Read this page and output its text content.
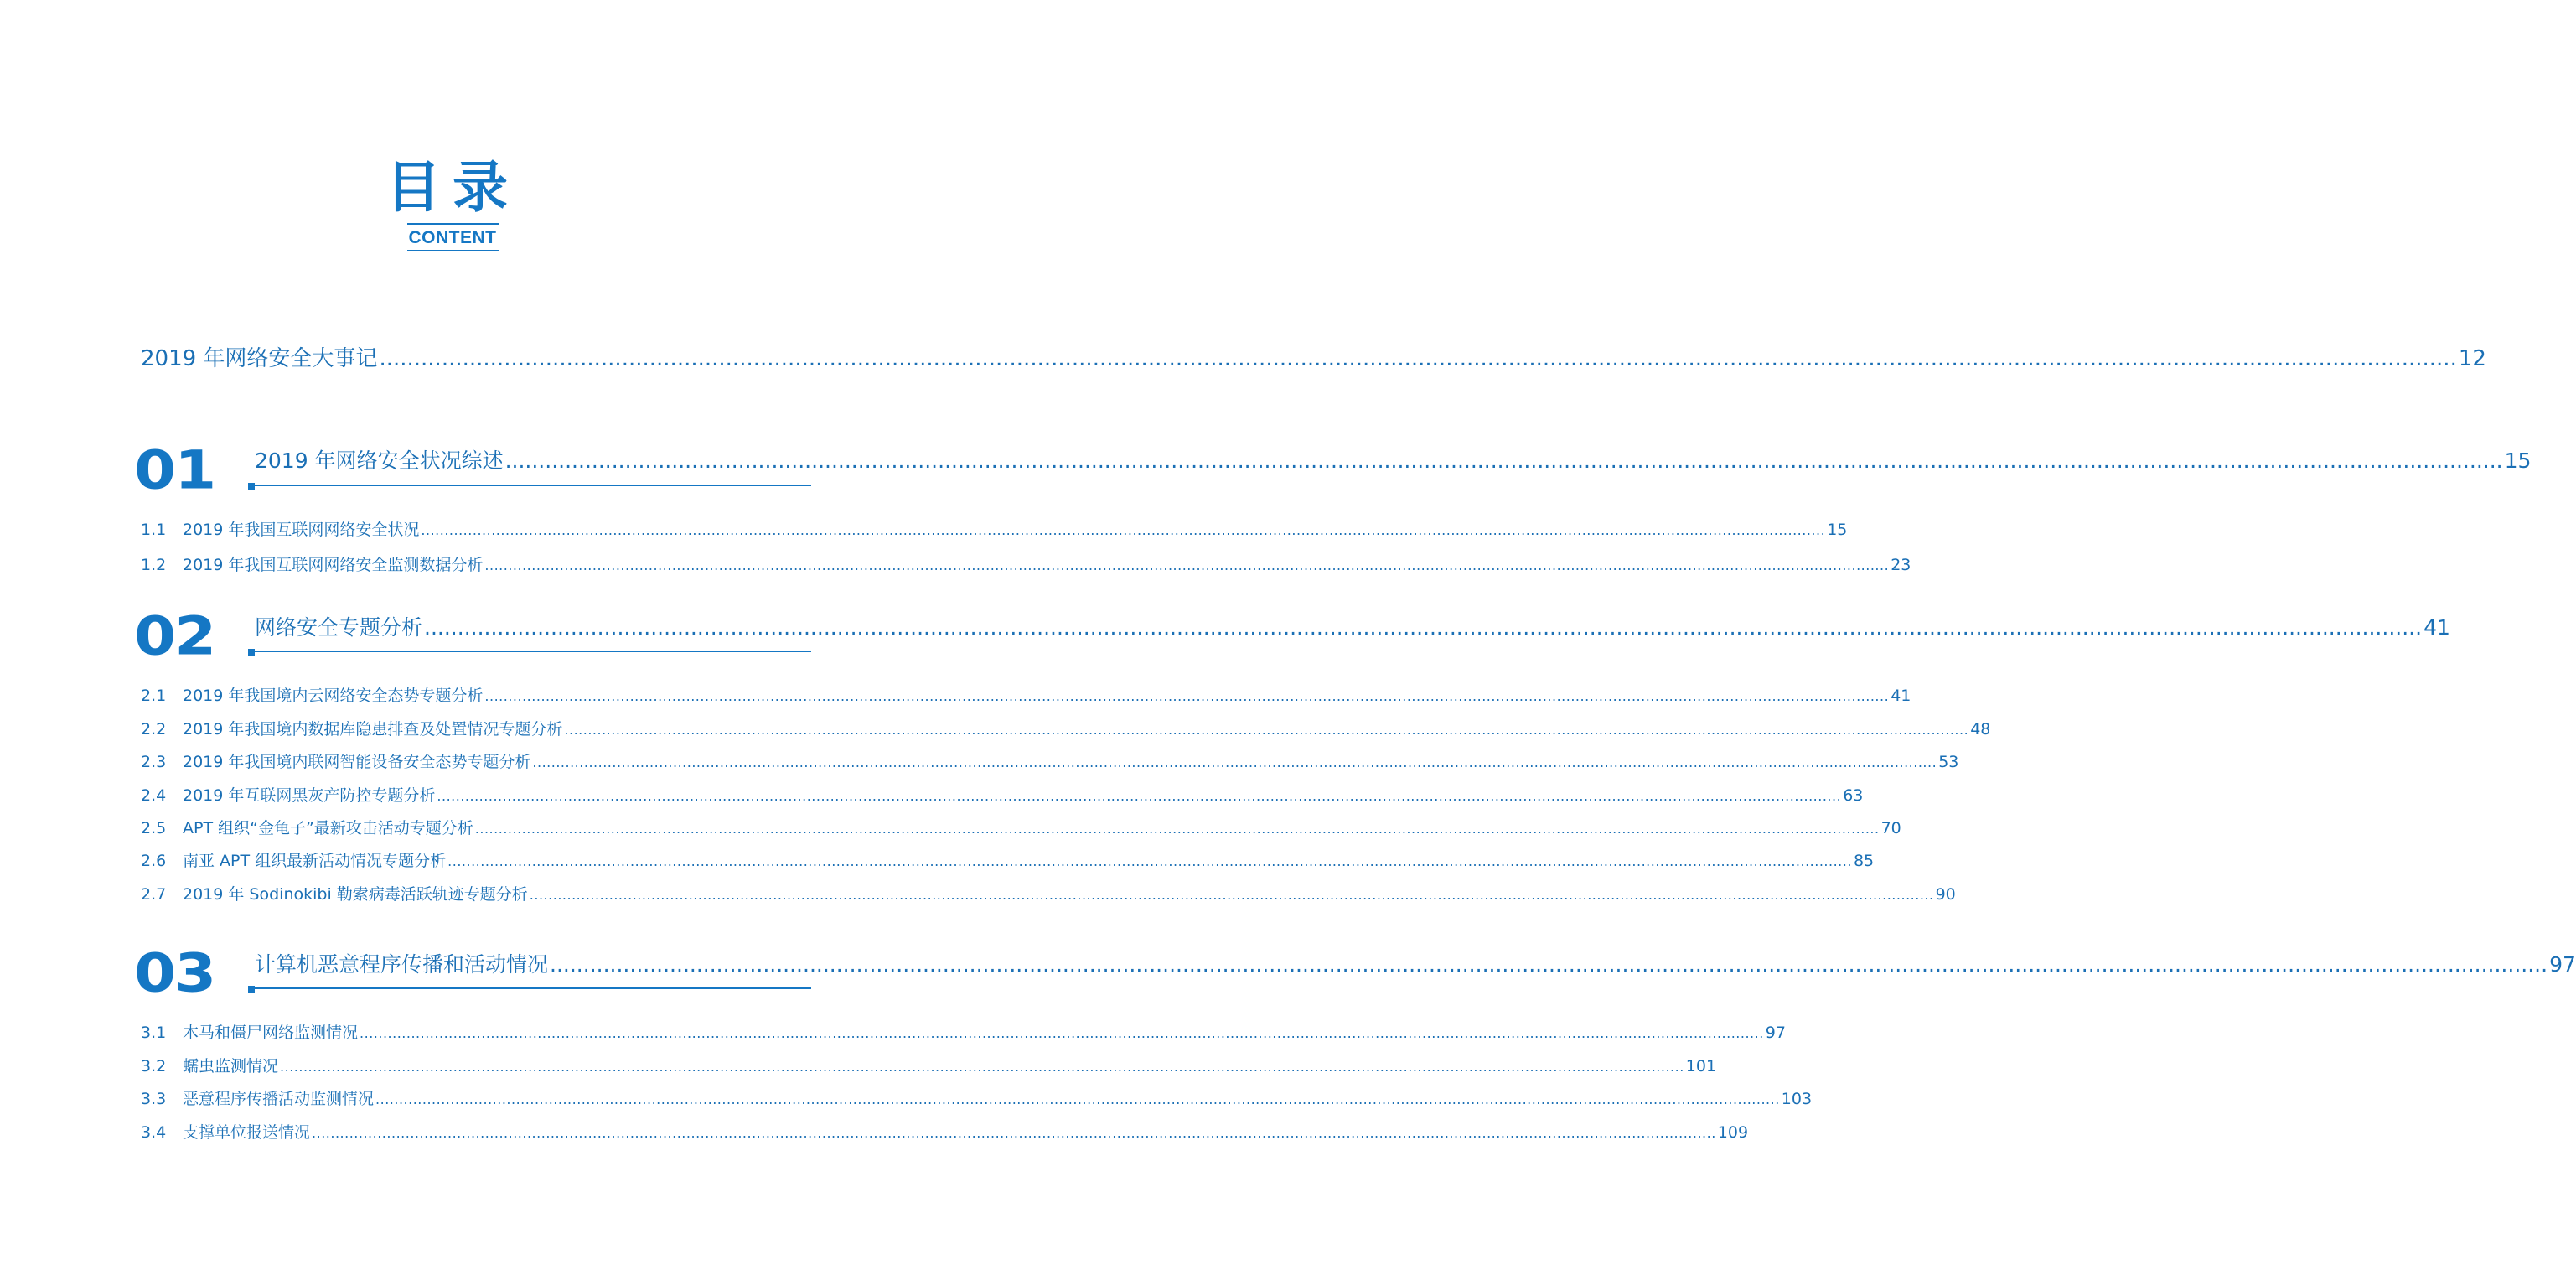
目录
CONTENT
2019 年网络安全大事记 ............................................................................................................................................................................................................................................................................................................ 12
01 2019 年网络安全状况综述 ............................................................................................................................................................................................................................................................................................................ 15
1.1	2019 年我国互联网网络安全状况 ............................................................................................................................................................................................................................................................................................................ 15
1.2	2019 年我国互联网网络安全监测数据分析 ............................................................................................................................................................................................................................................................................................................ 23
02 网络安全专题分析 ............................................................................................................................................................................................................................................................................................................ 41
2.1	2019 年我国境内云网络安全态势专题分析 ............................................................................................................................................................................................................................................................................................................ 41
2.2	2019 年我国境内数据库隐患排查及处置情况专题分析 ............................................................................................................................................................................................................................................................................................................ 48
2.3	2019 年我国境内联网智能设备安全态势专题分析 ............................................................................................................................................................................................................................................................................................................ 53
2.4	2019 年互联网黑灰产防控专题分析 ............................................................................................................................................................................................................................................................................................................ 63
2.5	APT 组织“金龟子”最新攻击活动专题分析 ............................................................................................................................................................................................................................................................................................................ 70
2.6	南亚 APT 组织最新活动情况专题分析 ............................................................................................................................................................................................................................................................................................................ 85
2.7	2019 年 Sodinokibi 勒索病毒活跃轨迹专题分析 ............................................................................................................................................................................................................................................................................................................ 90
03 计算机恶意程序传播和活动情况 ............................................................................................................................................................................................................................................................................................................ 97
3.1	木马和僵尸网络监测情况 ............................................................................................................................................................................................................................................................................................................ 97
3.2	蠕虫监测情况 ............................................................................................................................................................................................................................................................................................................ 101
3.3	恶意程序传播活动监测情况 ............................................................................................................................................................................................................................................................................................................ 103
3.4	支撑单位报送情况 ............................................................................................................................................................................................................................................................................................................ 109
